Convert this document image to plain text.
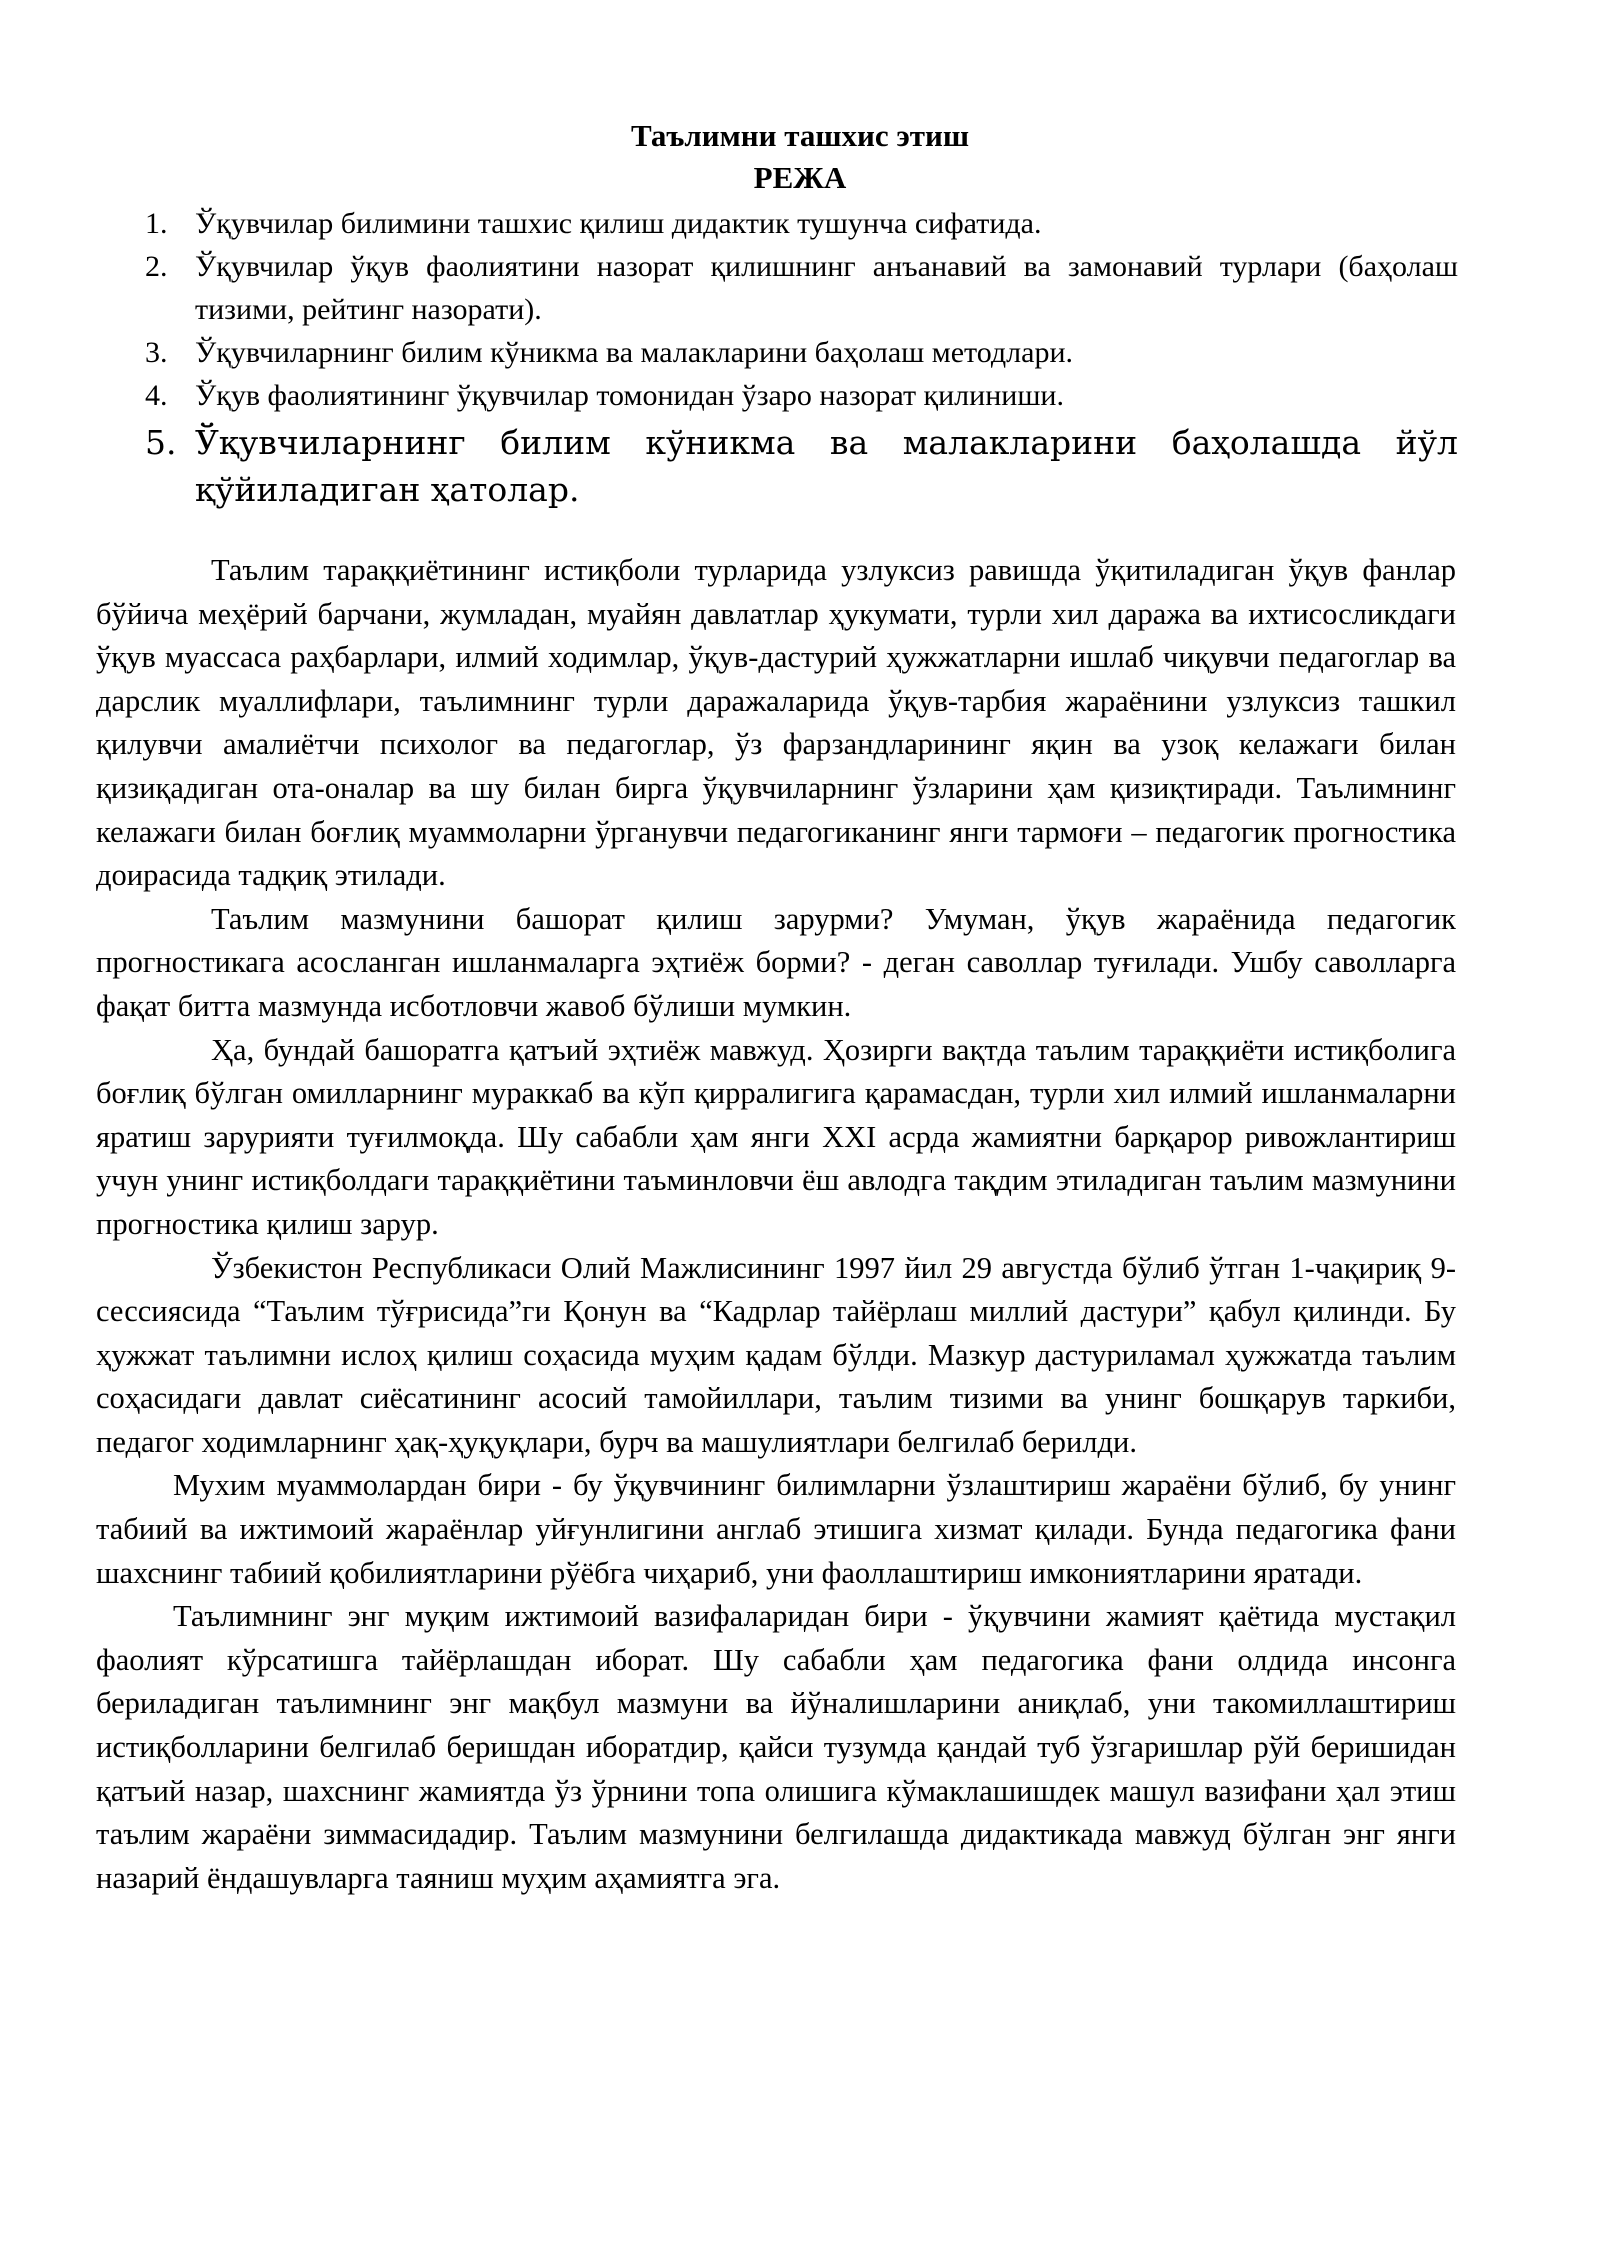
Таълимни ташхис этиш
РЕЖА
1. Ўқувчилар билимини ташхис қилиш дидактик тушунча сифатида.
2. Ўқувчилар ўқув фаолиятини назорат қилишнинг анъанавий ва замонавий турлари (баҳолаш тизими, рейтинг назорати).
3. Ўқувчиларнинг билим кўникма ва малакларини баҳолаш методлари.
4. Ўқув фаолиятининг ўқувчилар томонидан ўзаро назорат қилиниши.
5. Ўқувчиларнинг билим кўникма ва малакларини баҳолашда йўл қўйиладиган ҳатолар.

Таълим тараққиётининг истиқболи турларида узлуксиз равишда ўқитиладиган ўқув фанлар бўйича меҳёрий барчани, жумладан, муайян давлатлар ҳукумати, турли хил даража ва ихтисосликдаги ўқув муассаса раҳбарлари, илмий ходимлар, ўқув-дастурий ҳужжатларни ишлаб чиқувчи педагоглар ва дарслик муаллифлари, таълимнинг турли даражаларида ўқув-тарбия жараёнини узлуксиз ташкил қилувчи амалиётчи психолог ва педагоглар, ўз фарзандларининг яқин ва узоқ келажаги билан қизиқадиган ота-оналар ва шу билан бирга ўқувчиларнинг ўзларини ҳам қизиқтиради. Таълимнинг келажаги билан боғлиқ муаммоларни ўрганувчи педагогиканинг янги тармоғи – педагогик прогностика доирасида тадқиқ этилади.

Таълим мазмунини башорат қилиш зарурми? Умуман, ўқув жараёнида педагогик прогностикага асосланган ишланмаларга эҳтиёж борми? - деган саволлар туғилади. Ушбу саволларга фақат битта мазмунда исботловчи жавоб бўлиши мумкин.

Ҳа, бундай башоратга қатъий эҳтиёж мавжуд. Ҳозирги вақтда таълим тараққиёти истиқболига боғлиқ бўлган омилларнинг мураккаб ва кўп қирралигига қарамасдан, турли хил илмий ишланмаларни яратиш зарурияти туғилмоқда. Шу сабабли ҳам янги XXI асрда жамиятни барқарор ривожлантириш учун унинг истиқболдаги тараққиётини таъминловчи ёш авлодга тақдим этиладиган таълим мазмунини прогностика қилиш зарур.

Ўзбекистон Республикаси Олий Мажлисининг 1997 йил 29 августда бўлиб ўтган 1-чақириқ 9-сессиясида “Таълим тўғрисида”ги Қонун ва “Кадрлар тайёрлаш миллий дастури” қабул қилинди. Бу ҳужжат таълимни ислоҳ қилиш соҳасида муҳим қадам бўлди. Мазкур дастуриламал ҳужжатда таълим соҳасидаги давлат сиёсатининг асосий тамойиллари, таълим тизими ва унинг бошқарув таркиби, педагог ходимларнинг ҳақ-ҳуқуқлари, бурч ва машулиятлари белгилаб берилди.

Мухим муаммолардан бири - бу ўқувчининг билимларни ўзлаштириш жараёни бўлиб, бу унинг табиий ва ижтимоий жараёнлар уйғунлигини англаб этишига хизмат қилади. Бунда педагогика фани шахснинг табиий қобилиятларини рўёбга чиҳариб, уни фаоллаштириш имкониятларини яратади.

Таълимнинг энг муқим ижтимоий вазифаларидан бири - ўқувчини жамият қаётида мустақил фаолият кўрсатишга тайёрлашдан иборат. Шу сабабли ҳам педагогика фани олдида инсонга бериладиган таълимнинг энг мақбул мазмуни ва йўналишларини аниқлаб, уни такомиллаштириш истиқболларини белгилаб беришдан иборатдир, қайси тузумда қандай туб ўзгаришлар рўй беришидан қатъий назар, шахснинг жамиятда ўз ўрнини топа олишига кўмаклашишдек машул вазифани ҳал этиш таълим жараёни зиммасидадир. Таълим мазмунини белгилашда дидактикада мавжуд бўлган энг янги назарий ёндашувларга таяниш муҳим аҳамиятга эга.
